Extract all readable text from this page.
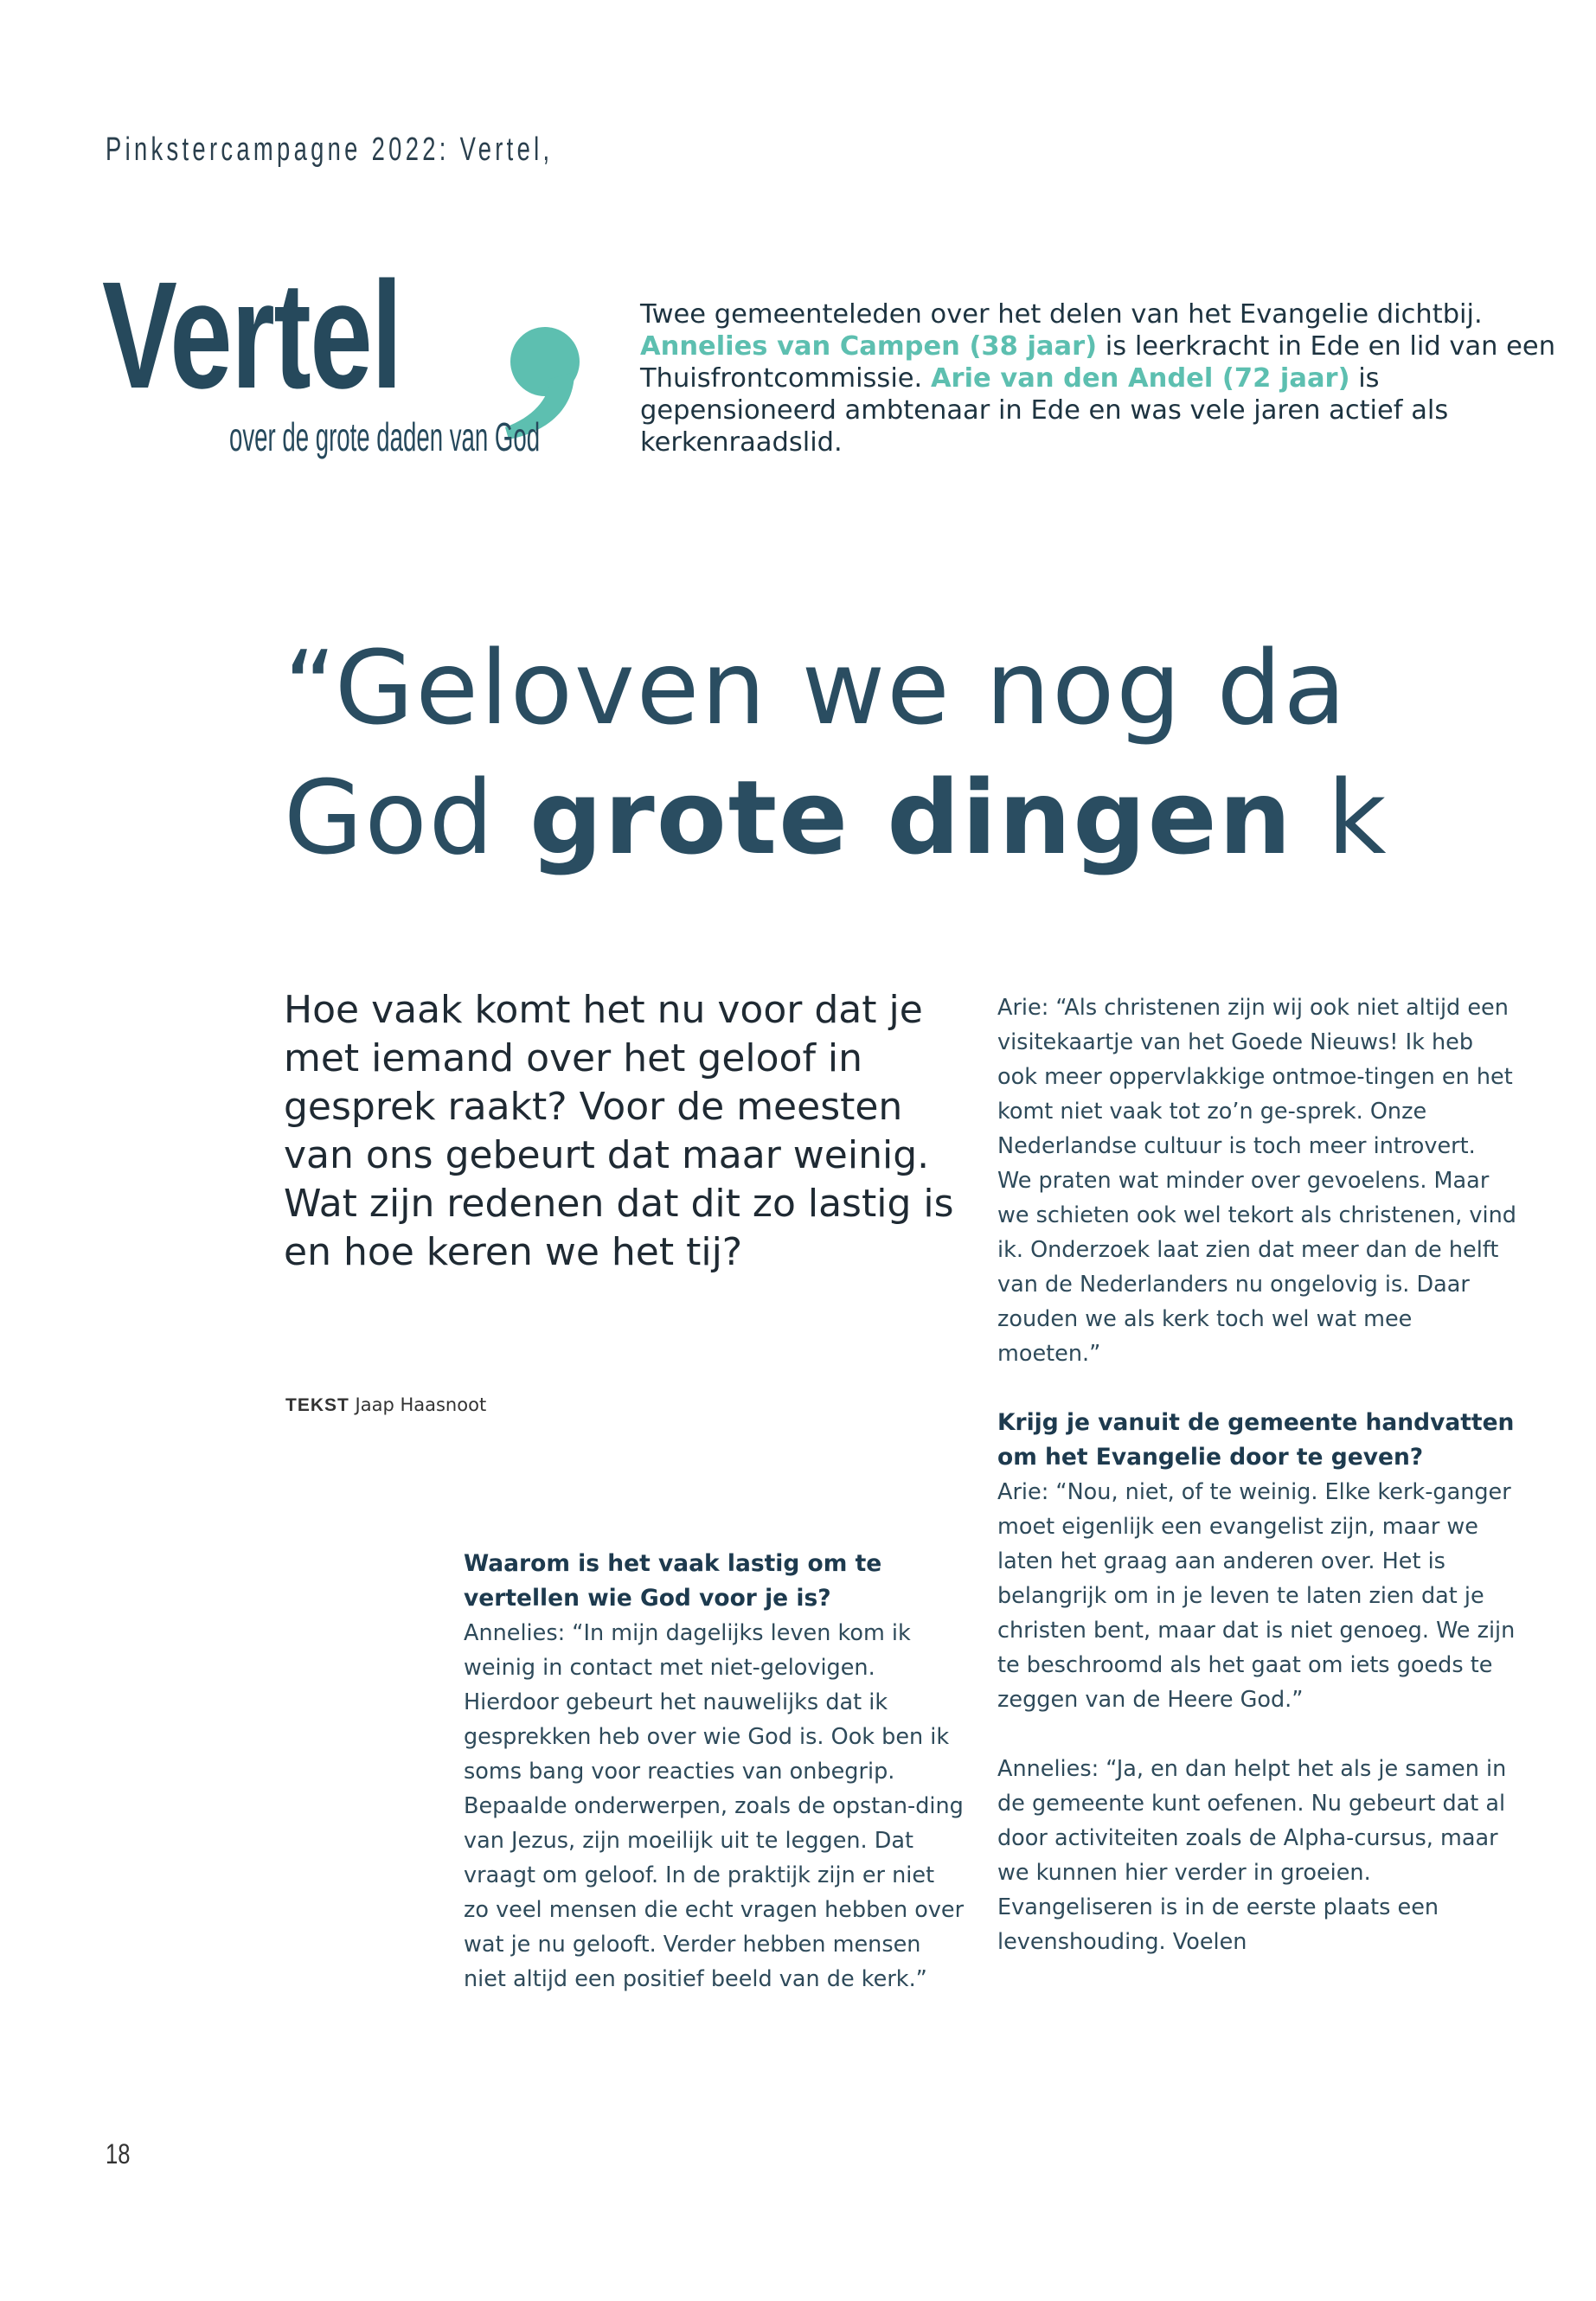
Pinkstercampagne 2022: Vertel,
Vertel
over de grote daden van God
Twee gemeenteleden over het delen van het Evangelie dichtbij. Annelies van Campen (38 jaar) is leerkracht in Ede en lid van een Thuisfrontcommissie. Arie van den Andel (72 jaar) is gepensioneerd ambtenaar in Ede en was vele jaren actief als kerkenraadslid.
“Geloven we nog da
God grote dingen k
Hoe vaak komt het nu voor dat je met iemand over het geloof in gesprek raakt? Voor de meesten van ons gebeurt dat maar weinig. Wat zijn redenen dat dit zo lastig is en hoe keren we het tij?
TEKST Jaap Haasnoot

Waarom is het vaak lastig om te vertellen wie God voor je is?

Annelies: “In mijn dagelijks leven kom ik weinig in contact met niet-gelovigen. Hierdoor gebeurt het nauwelijks dat ik gesprekken heb over wie God is. Ook ben ik soms bang voor reacties van onbegrip. Bepaalde onderwerpen, zoals de opstan-ding van Jezus, zijn moeilijk uit te leggen. Dat vraagt om geloof. In de praktijk zijn er niet zo veel mensen die echt vragen hebben over wat je nu gelooft. Verder hebben mensen niet altijd een positief beeld van de kerk.”

Arie: “Als christenen zijn wij ook niet altijd een visitekaartje van het Goede Nieuws! Ik heb ook meer oppervlakkige ontmoe-tingen en het komt niet vaak tot zo’n ge-sprek. Onze Nederlandse cultuur is toch meer introvert. We praten wat minder over gevoelens. Maar we schieten ook wel tekort als christenen, vind ik. Onderzoek laat zien dat meer dan de helft van de Nederlanders nu ongelovig is. Daar zouden we als kerk toch wel wat mee moeten.”

Krijg je vanuit de gemeente handvatten om het Evangelie door te geven?

Arie: “Nou, niet, of te weinig. Elke kerk-ganger moet eigenlijk een evangelist zijn, maar we laten het graag aan anderen over. Het is belangrijk om in je leven te laten zien dat je christen bent, maar dat is niet genoeg. We zijn te beschroomd als het gaat om iets goeds te zeggen van de Heere God.”

Annelies: “Ja, en dan helpt het als je samen in de gemeente kunt oefenen. Nu gebeurt dat al door activiteiten zoals de Alpha-cursus, maar we kunnen hier verder in groeien. Evangeliseren is in de eerste plaats een levenshouding. Voelen

18
